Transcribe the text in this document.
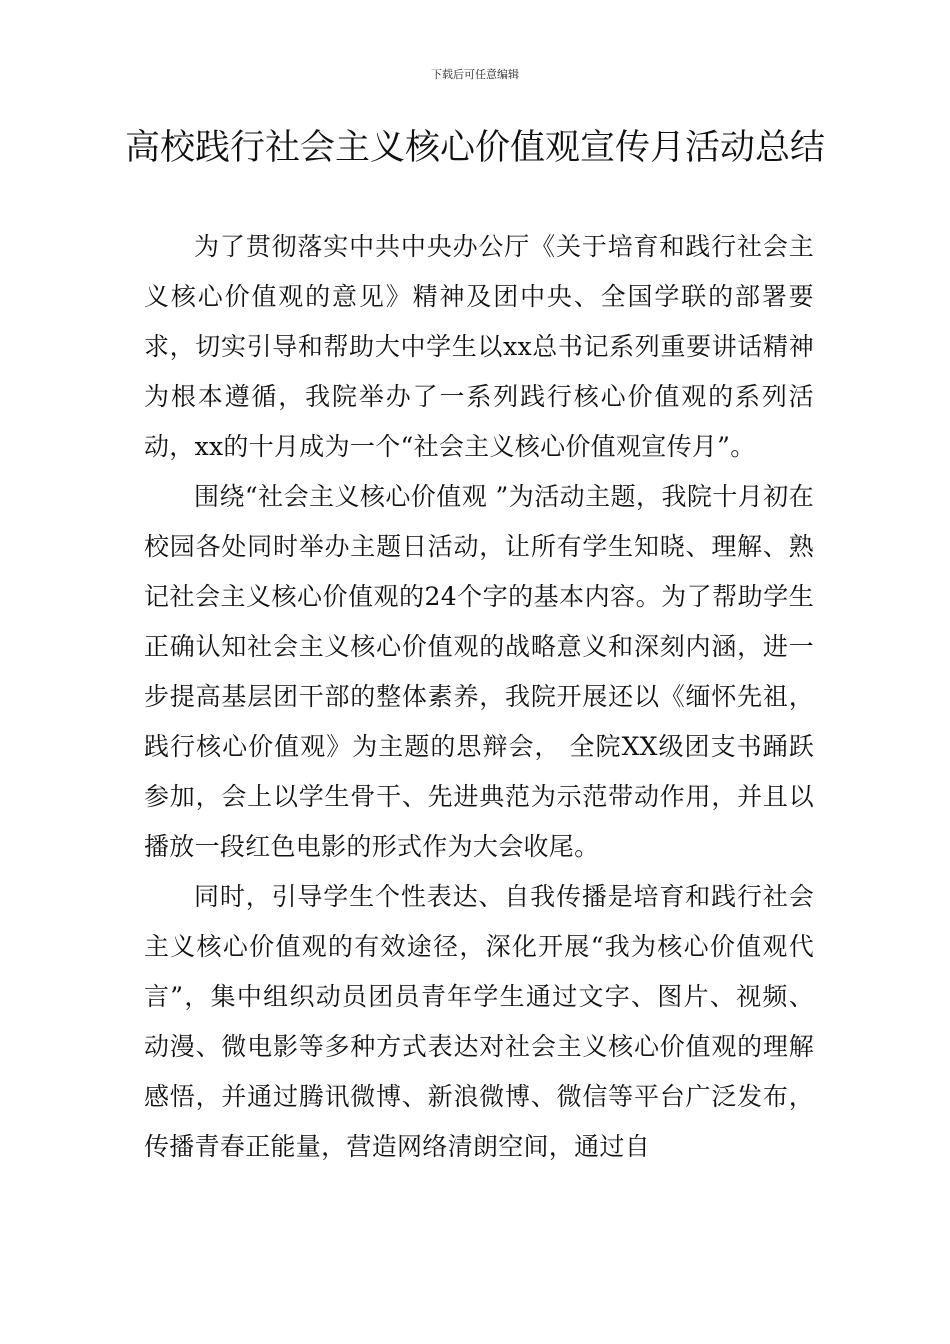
下载后可任意编辑
高校践行社会主义核心价值观宣传月活动总结

为了贯彻落实中共中央办公厅《关于培育和践行社会主义核心价值观的意见》精神及团中央、全国学联的部署要求，切实引导和帮助大中学生以xx总书记系列重要讲话精神为根本遵循，我院举办了一系列践行核心价值观的系列活动，xx的十月成为一个“社会主义核心价值观宣传月”。

围绕“社会主义核心价值观 ”为活动主题，我院十月初在校园各处同时举办主题日活动，让所有学生知晓、理解、熟记社会主义核心价值观的24个字的基本内容。为了帮助学生正确认知社会主义核心价值观的战略意义和深刻内涵，进一步提高基层团干部的整体素养，我院开展还以《缅怀先祖，践行核心价值观》为主题的思辩会， 全院XX级团支书踊跃参加，会上以学生骨干、先进典范为示范带动作用，并且以播放一段红色电影的形式作为大会收尾。

同时，引导学生个性表达、自我传播是培育和践行社会主义核心价值观的有效途径，深化开展“我为核心价值观代言”，集中组织动员团员青年学生通过文字、图片、视频、动漫、微电影等多种方式表达对社会主义核心价值观的理解感悟，并通过腾讯微博、新浪微博、微信等平台广泛发布，传播青春正能量，营造网络清朗空间，通过自
